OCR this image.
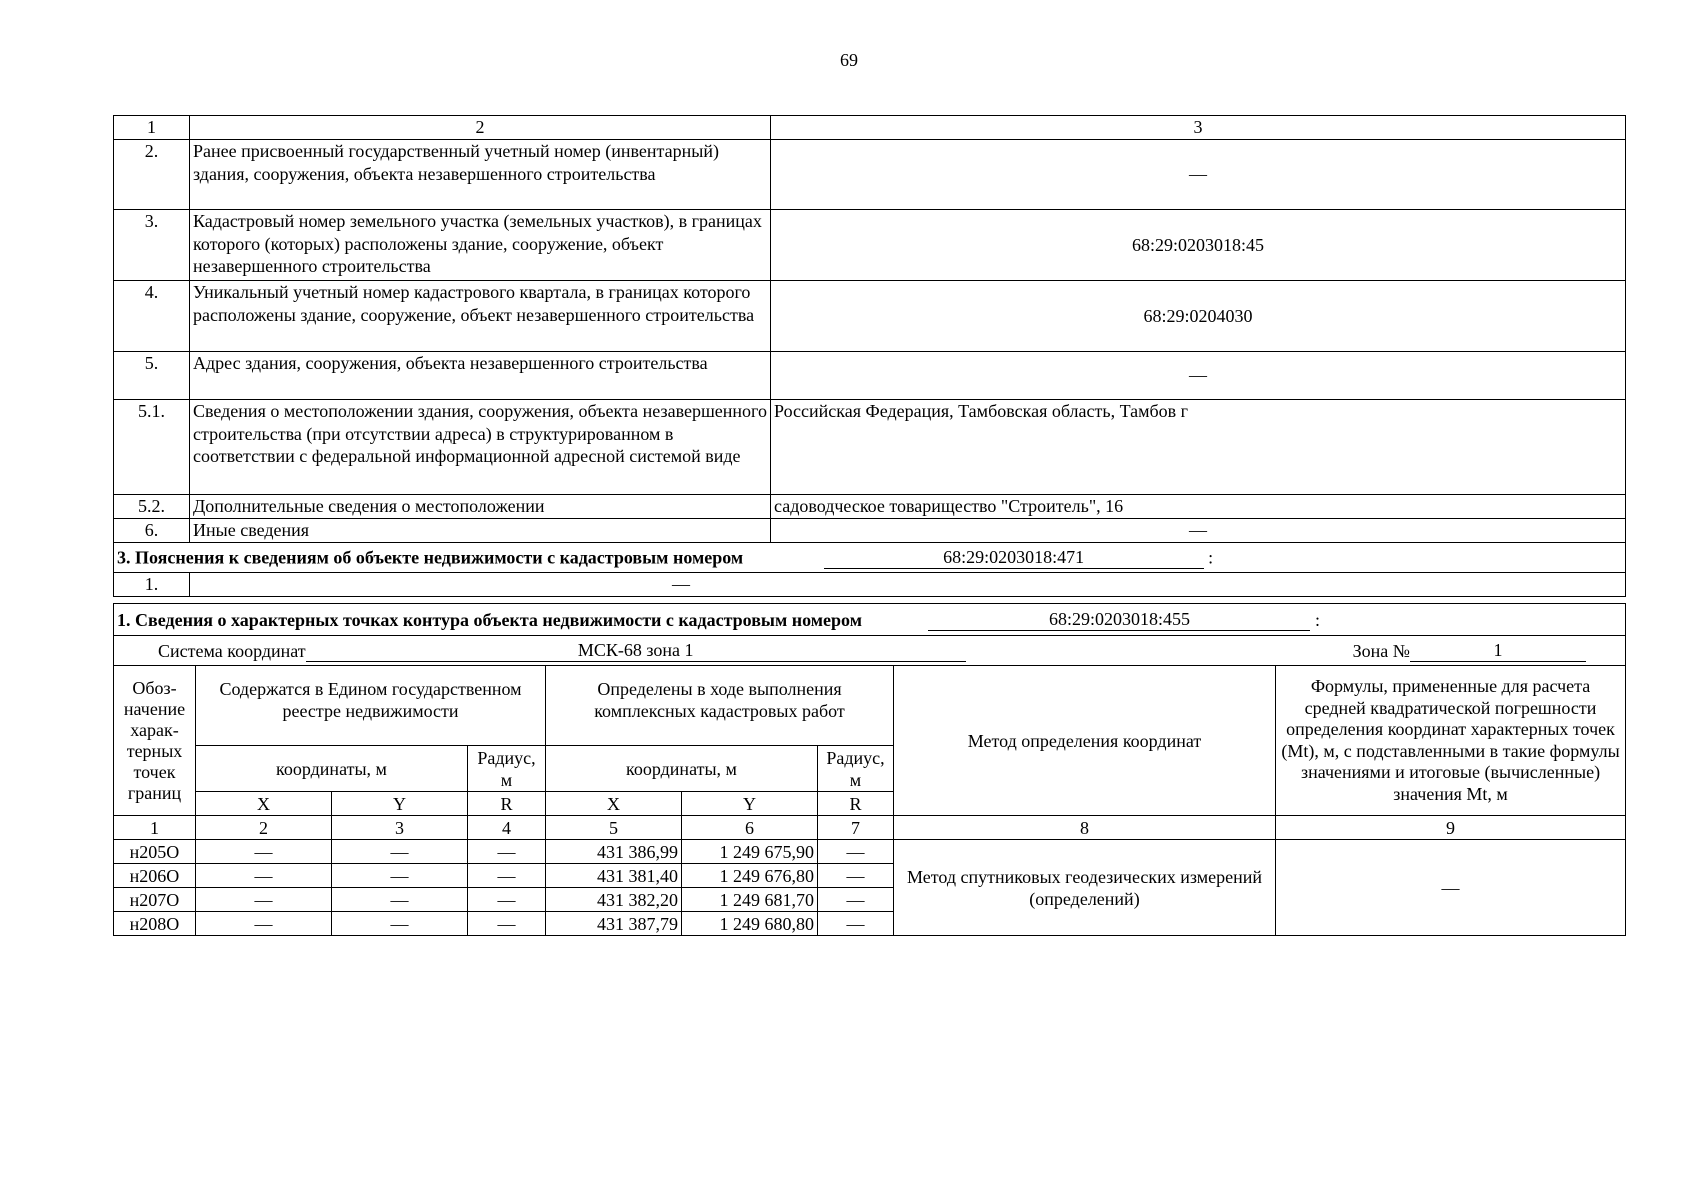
69
1	2	3
2.	Ранее присвоенный государственный учетный номер (инвентарный) здания, сооружения, объекта незавершенного строительства	—
3.	Кадастровый номер земельного участка (земельных участков), в границах которого (которых) расположены здание, сооружение, объект незавершенного строительства	68:29:0203018:45
4.	Уникальный учетный номер кадастрового квартала, в границах которого расположены здание, сооружение, объект незавершенного строительства	68:29:0204030
5.	Адрес здания, сооружения, объекта незавершенного строительства	—
5.1.	Сведения о местоположении здания, сооружения, объекта незавершенного строительства (при отсутствии адреса) в структурированном в соответствии с федеральной информационной адресной системой виде	Российская Федерация, Тамбовская область, Тамбов г
5.2.	Дополнительные сведения о местоположении	садоводческое товарищество "Строитель", 16
6.	Иные сведения	—
3. Пояснения к сведениям об объекте недвижимости с кадастровым номером 68:29:0203018:471 :		
1.	—	
1. Сведения о характерных точках контура объекта недвижимости с кадастровым номером 68:29:0203018:455 :								
Система координат МСК-68 зона 1 Зона № 1								
Обоз-начение харак-терных точек границ	Содержатся в Едином государственном реестре недвижимости			Определены в ходе выполнения комплексных кадастровых работ			Метод определения координат	Формулы, примененные для расчета средней квадратической погрешности определения координат характерных точек (Mt), м, с подставленными в такие формулы значениями и итоговые (вычисленные) значения Mt, м
	координаты, м		Радиус, м	координаты, м		Радиус, м		
	X	Y	R	X	Y	R		
1	2	3	4	5	6	7	8	9
н205О	—	—	—	431 386,99	1 249 675,90	—	Метод спутниковых геодезических измерений (определений)	—
н206О	—	—	—	431 381,40	1 249 676,80	—		
н207О	—	—	—	431 382,20	1 249 681,70	—		
н208О	—	—	—	431 387,79	1 249 680,80	—		
